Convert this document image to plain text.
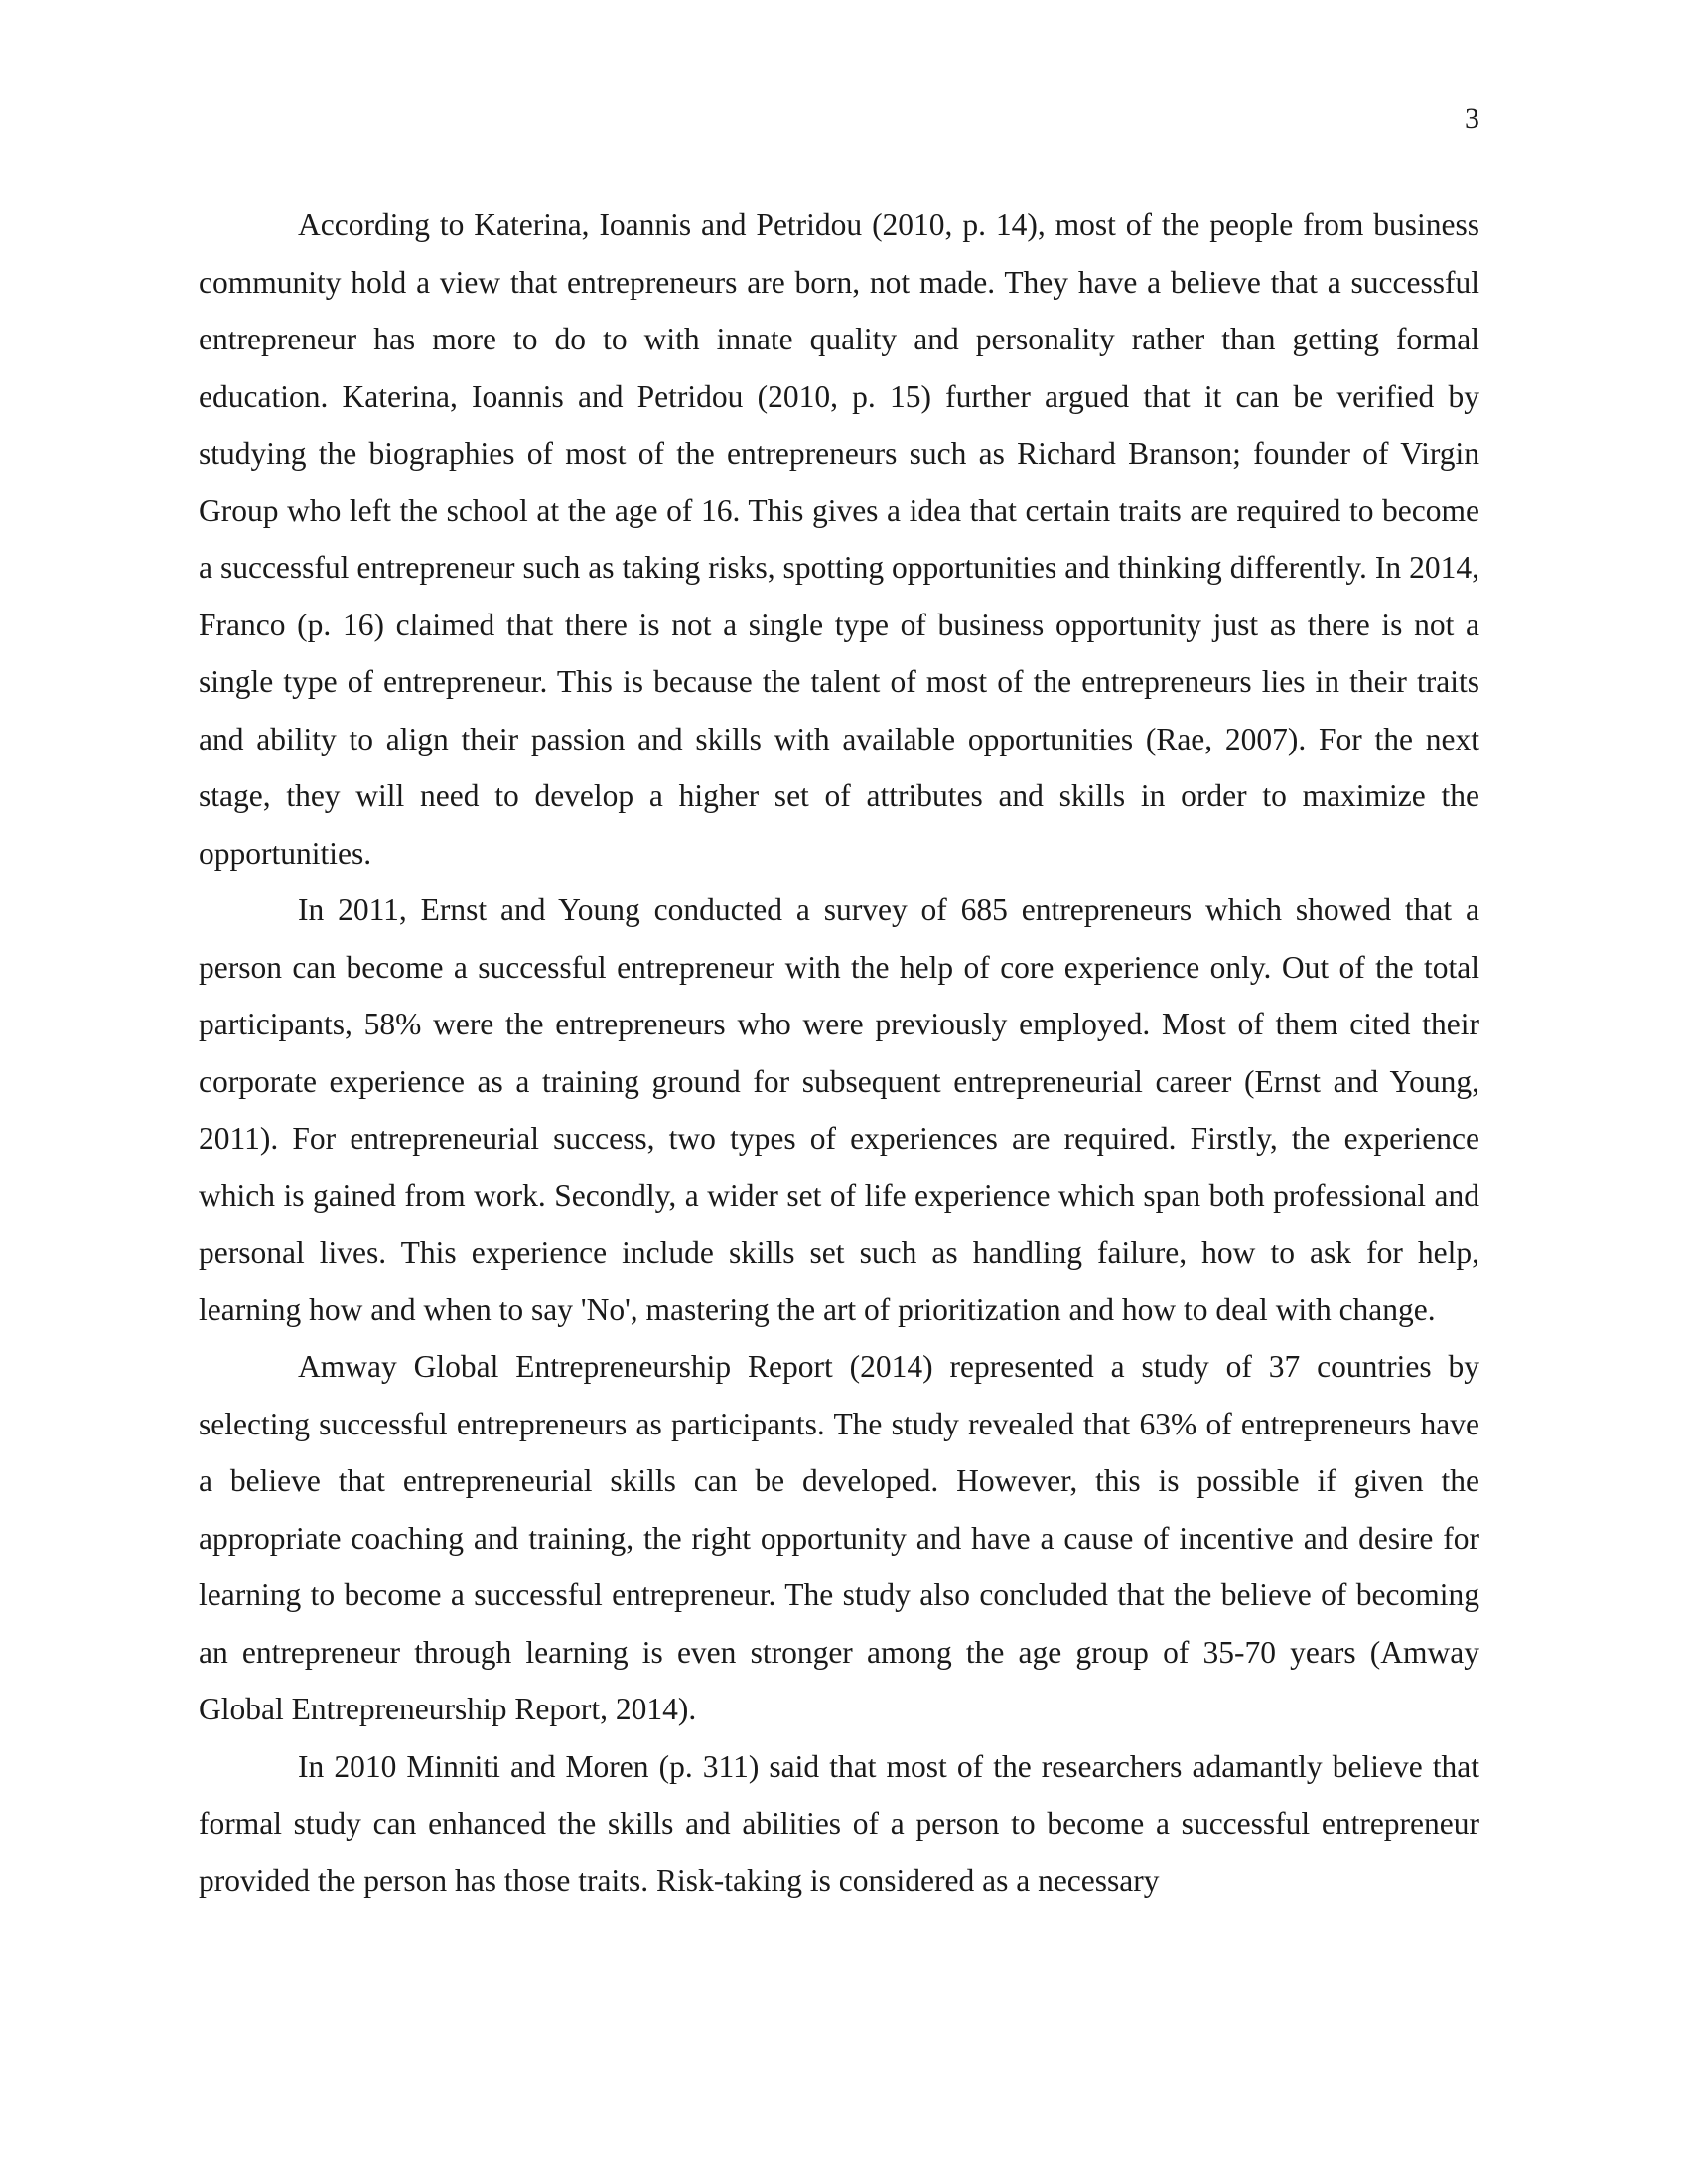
3

According to Katerina, Ioannis and Petridou (2010, p. 14), most of the people from business community hold a view that entrepreneurs are born, not made. They have a believe that a successful entrepreneur has more to do to with innate quality and personality rather than getting formal education. Katerina, Ioannis and Petridou (2010, p. 15) further argued that it can be verified by studying the biographies of most of the entrepreneurs such as Richard Branson; founder of Virgin Group who left the school at the age of 16. This gives a idea that certain traits are required to become a successful entrepreneur such as taking risks, spotting opportunities and thinking differently. In 2014, Franco (p. 16) claimed that there is not a single type of business opportunity just as there is not a single type of entrepreneur. This is because the talent of most of the entrepreneurs lies in their traits and ability to align their passion and skills with available opportunities (Rae, 2007). For the next stage, they will need to develop a higher set of attributes and skills in order to maximize the opportunities.

In 2011, Ernst and Young conducted a survey of 685 entrepreneurs which showed that a person can become a successful entrepreneur with the help of core experience only. Out of the total participants, 58% were the entrepreneurs who were previously employed. Most of them cited their corporate experience as a training ground for subsequent entrepreneurial career (Ernst and Young, 2011). For entrepreneurial success, two types of experiences are required. Firstly, the experience which is gained from work. Secondly, a wider set of life experience which span both professional and personal lives. This experience include skills set such as handling failure, how to ask for help, learning how and when to say 'No', mastering the art of prioritization and how to deal with change.

Amway Global Entrepreneurship Report (2014) represented a study of 37 countries by selecting successful entrepreneurs as participants. The study revealed that 63% of entrepreneurs have a believe that entrepreneurial skills can be developed. However, this is possible if given the appropriate coaching and training, the right opportunity and have a cause of incentive and desire for learning to become a successful entrepreneur. The study also concluded that the believe of becoming an entrepreneur through learning is even stronger among the age group of 35-70 years (Amway Global Entrepreneurship Report, 2014).

In 2010 Minniti and Moren (p. 311) said that most of the researchers adamantly believe that formal study can enhanced the skills and abilities of a person to become a successful entrepreneur provided the person has those traits. Risk-taking is considered as a necessary
